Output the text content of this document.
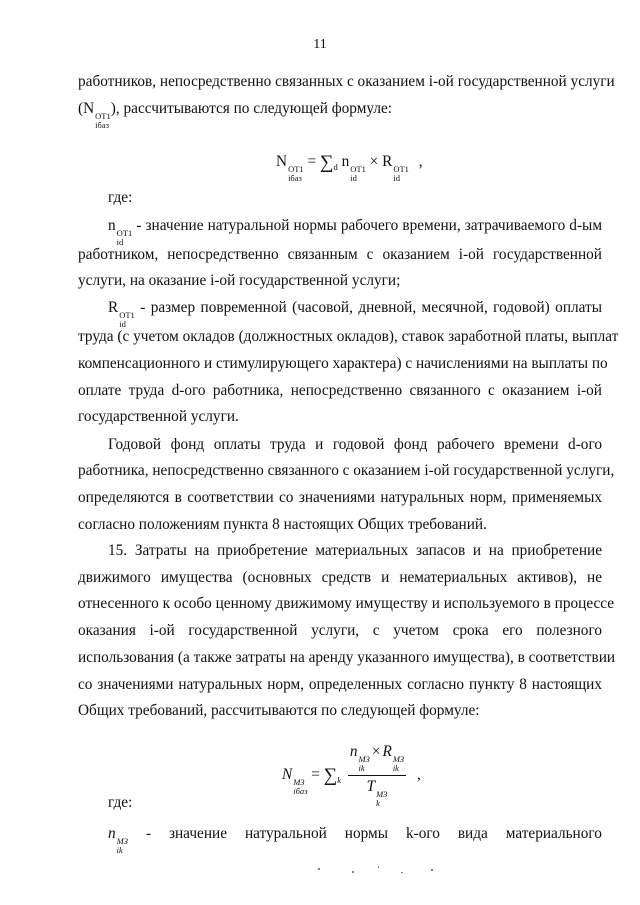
11
работников, непосредственно связанных с оказанием i-ой государственной услуги
(N ОТ1
iбаз
), рассчитываются по следующей формуле:
N ОТ1
iбаз
= $\sum_d$ n ОТ1
id
× R ОТ1
id
,
где:
n ОТ1
id
- значение натуральной нормы рабочего времени, затрачиваемого d-ым
работником, непосредственно связанным с оказанием i-ой государственной
услуги, на оказание i-ой государственной услуги;
R ОТ1
id
- размер повременной (часовой, дневной, месячной, годовой) оплаты
труда (с учетом окладов (должностных окладов), ставок заработной платы, выплат
компенсационного и стимулирующего характера) с начислениями на выплаты по
оплате труда d-ого работника, непосредственно связанного с оказанием i-ой
государственной услуги.
Годовой фонд оплаты труда и годовой фонд рабочего времени d-ого
работника, непосредственно связанного с оказанием i-ой государственной услуги,
определяются в соответствии со значениями натуральных норм, применяемых
согласно положениям пункта 8 настоящих Общих требований.
15. Затраты на приобретение материальных запасов и на приобретение
движимого имущества (основных средств и нематериальных активов), не
отнесенного к особо ценному движимому имуществу и используемого в процессе
оказания i-ой государственной услуги, с учетом срока его полезного
использования (а также затраты на аренду указанного имущества), в соответствии
со значениями натуральных норм, определенных согласно пункту 8 настоящих
Общих требований, рассчитываются по следующей формуле:
N МЗ
iбаз
= $\sum_k$ n МЗ
ik
× R МЗ
ik
T МЗ
k ,
где:
n МЗ
ik
- значение натуральной нормы k-ого вида материального
